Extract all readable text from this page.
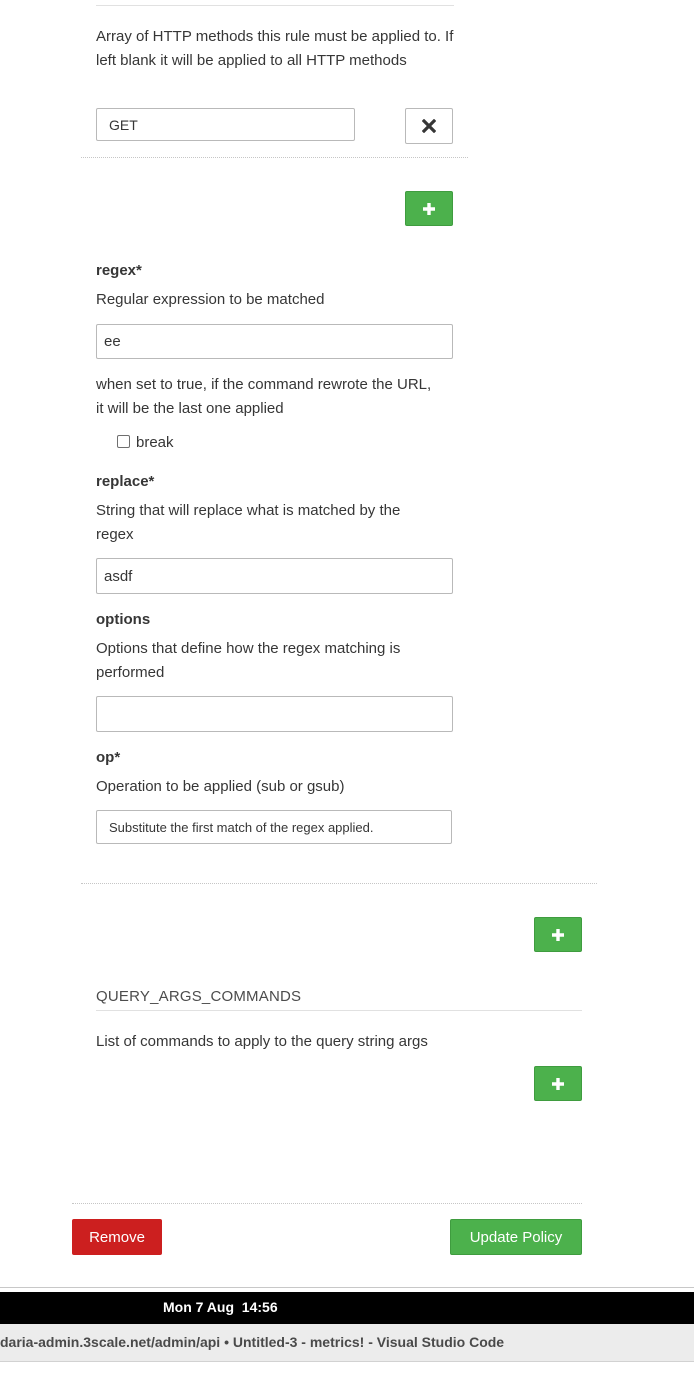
Array of HTTP methods this rule must be applied to. If left blank it will be applied to all HTTP methods
GET
regex*
Regular expression to be matched
ee
when set to true, if the command rewrote the URL, it will be the last one applied
break
replace*
String that will replace what is matched by the regex
asdf
options
Options that define how the regex matching is performed
op*
Operation to be applied (sub or gsub)
Substitute the first match of the regex applied.
QUERY_ARGS_COMMANDS
List of commands to apply to the query string args
Remove	Update Policy
Mon 7 Aug  14:56
daria-admin.3scale.net/admin/api • Untitled-3 - metrics! - Visual Studio Code
